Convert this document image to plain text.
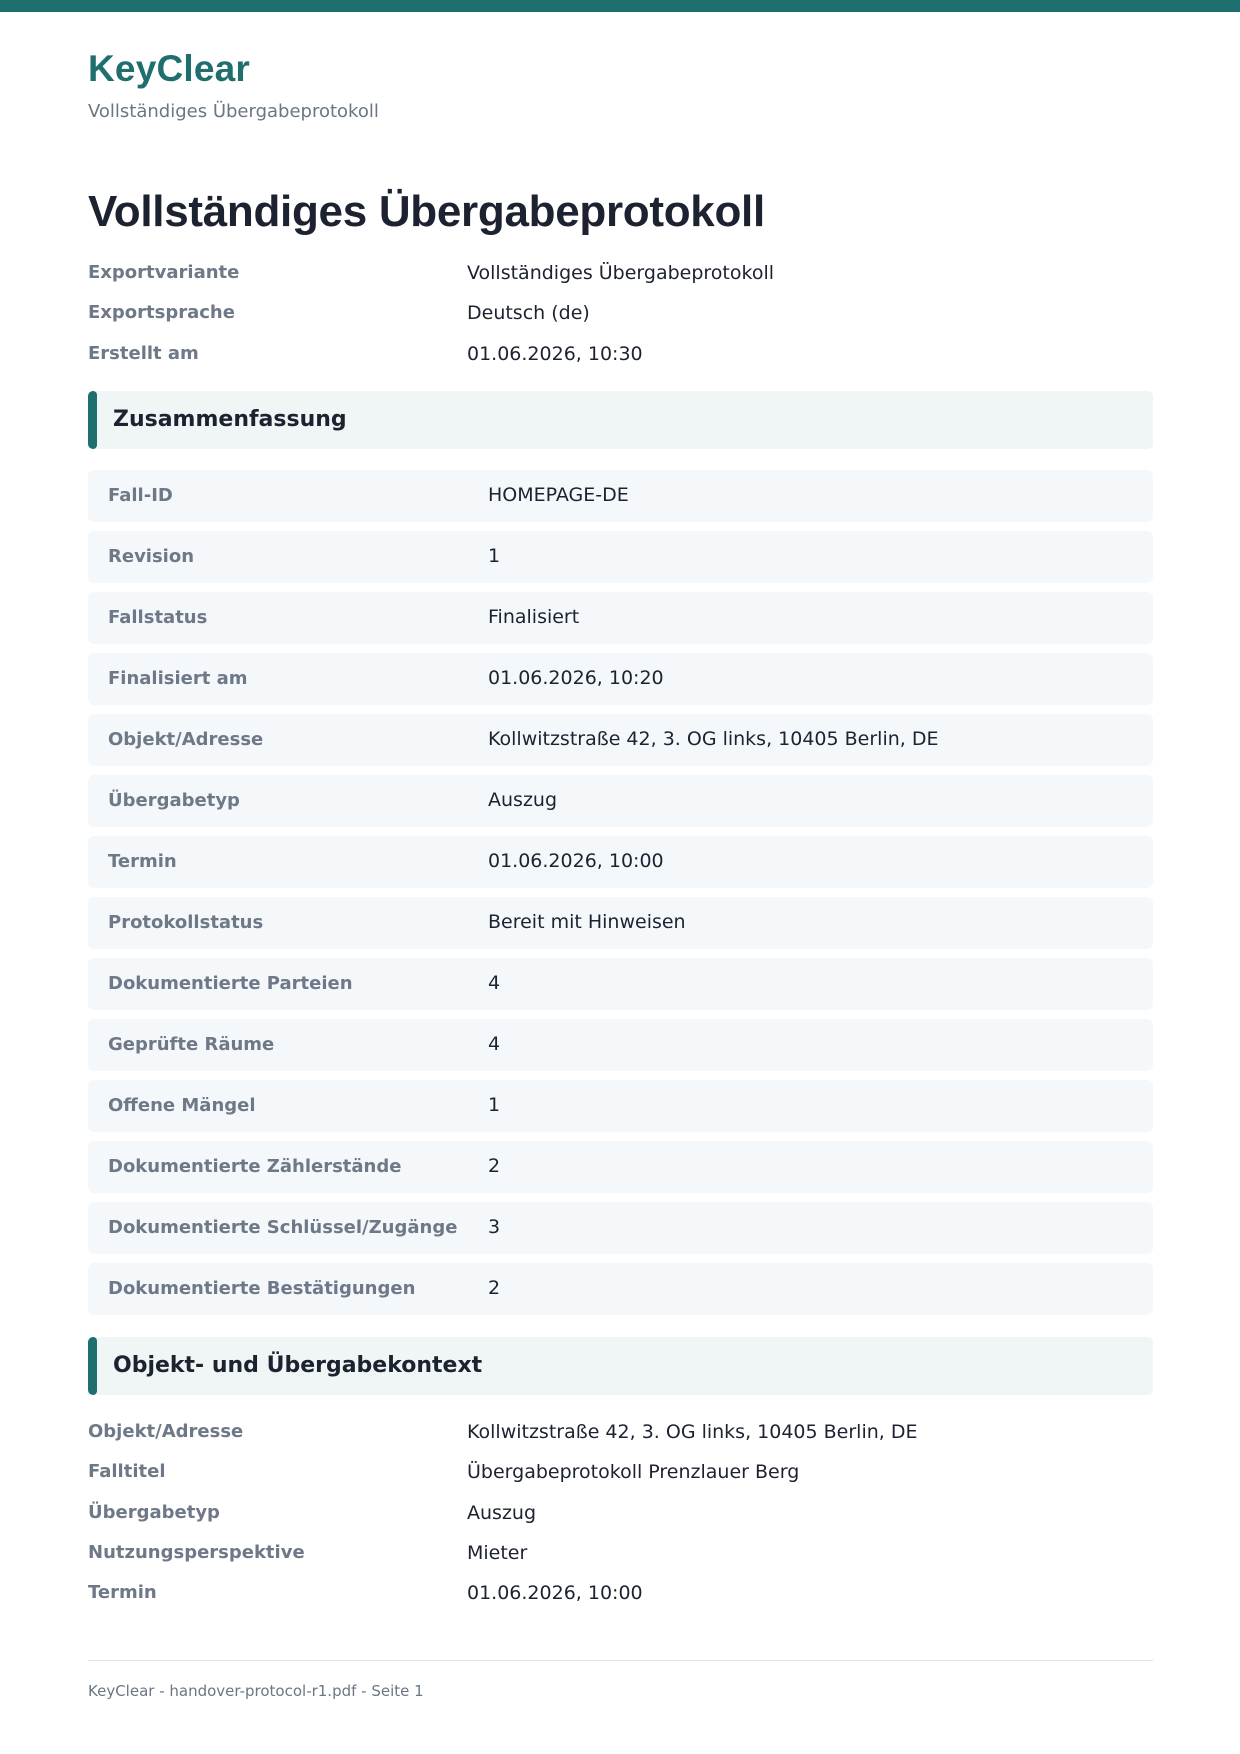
KeyClear
Vollständiges Übergabeprotokoll
Vollständiges Übergabeprotokoll
Exportvariante	Vollständiges Übergabeprotokoll
Exportsprache	Deutsch (de)
Erstellt am	01.06.2026, 10:30
Zusammenfassung
Fall-ID	HOMEPAGE-DE
Revision	1
Fallstatus	Finalisiert
Finalisiert am	01.06.2026, 10:20
Objekt/Adresse	Kollwitzstraße 42, 3. OG links, 10405 Berlin, DE
Übergabetyp	Auszug
Termin	01.06.2026, 10:00
Protokollstatus	Bereit mit Hinweisen
Dokumentierte Parteien	4
Geprüfte Räume	4
Offene Mängel	1
Dokumentierte Zählerstände	2
Dokumentierte Schlüssel/Zugänge 3
Dokumentierte Bestätigungen	2
Objekt- und Übergabekontext
Objekt/Adresse	Kollwitzstraße 42, 3. OG links, 10405 Berlin, DE
Falltitel	Übergabeprotokoll Prenzlauer Berg
Übergabetyp	Auszug
Nutzungsperspektive	Mieter
Termin	01.06.2026, 10:00
KeyClear - handover-protocol-r1.pdf - Seite 1
